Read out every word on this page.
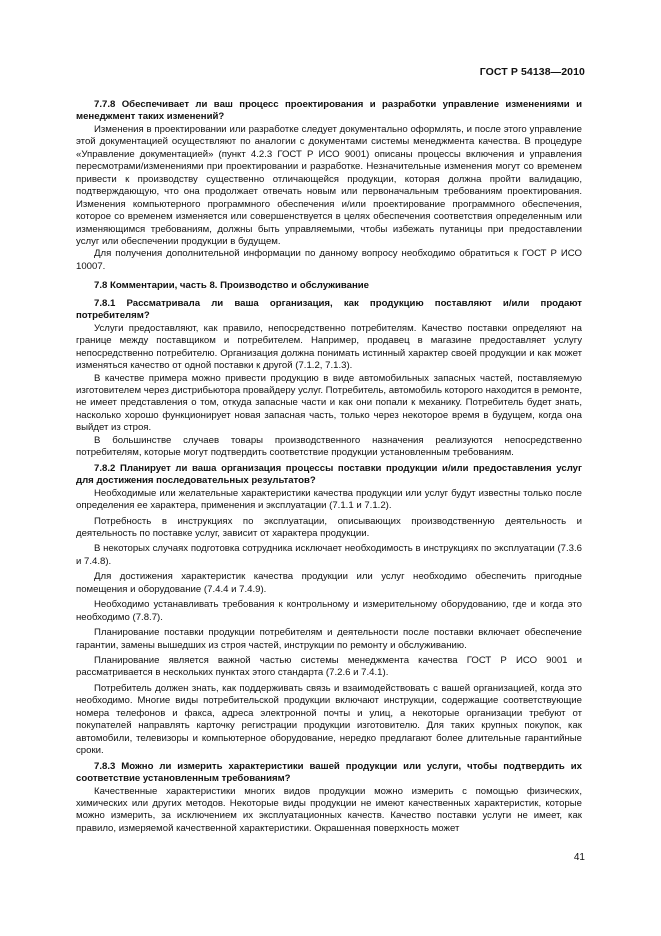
ГОСТ Р 54138—2010

7.7.8 Обеспечивает ли ваш процесс проектирования и разработки управление изменениями и менеджмент таких изменений?

Изменения в проектировании или разработке следует документально оформлять, и после этого управление этой документацией осуществляют по аналогии с документами системы менеджмента качества. В процедуре «Управление документацией» (пункт 4.2.3 ГОСТ Р ИСО 9001) описаны процессы включения и управления пересмотрами/изменениями при проектировании и разработке. Незначительные изменения могут со временем привести к производству существенно отличающейся продукции, которая должна пройти валидацию, подтверждающую, что она продолжает отвечать новым или первоначальным требованиям проектирования. Изменения компьютерного программного обеспечения и/или проектирование программного обеспечения, которое со временем изменяется или совершенствуется в целях обеспечения соответствия определенным или изменяющимся требованиям, должны быть управляемыми, чтобы избежать путаницы при предоставлении услуг или обеспечении продукции в будущем.

Для получения дополнительной информации по данному вопросу необходимо обратиться к ГОСТ Р ИСО 10007.

7.8 Комментарии, часть 8. Производство и обслуживание

7.8.1 Рассматривала ли ваша организация, как продукцию поставляют и/или продают потребителям?

Услуги предоставляют, как правило, непосредственно потребителям. Качество поставки определяют на границе между поставщиком и потребителем. Например, продавец в магазине предоставляет услугу непосредственно потребителю. Организация должна понимать истинный характер своей продукции и как может изменяться качество от одной поставки к другой (7.1.2, 7.1.3).

В качестве примера можно привести продукцию в виде автомобильных запасных частей, поставляемую изготовителем через дистрибьютора провайдеру услуг. Потребитель, автомобиль которого находится в ремонте, не имеет представления о том, откуда запасные части и как они попали к механику. Потребитель будет знать, насколько хорошо функционирует новая запасная часть, только через некоторое время в будущем, когда она выйдет из строя.

В большинстве случаев товары производственного назначения реализуются непосредственно потребителям, которые могут подтвердить соответствие продукции установленным требованиям.

7.8.2 Планирует ли ваша организация процессы поставки продукции и/или предоставления услуг для достижения последовательных результатов?

Необходимые или желательные характеристики качества продукции или услуг будут известны только после определения ее характера, применения и эксплуатации (7.1.1 и 7.1.2).

Потребность в инструкциях по эксплуатации, описывающих производственную деятельность и деятельность по поставке услуг, зависит от характера продукции.

В некоторых случаях подготовка сотрудника исключает необходимость в инструкциях по эксплуатации (7.3.6 и 7.4.8).

Для достижения характеристик качества продукции или услуг необходимо обеспечить пригодные помещения и оборудование (7.4.4 и 7.4.9).

Необходимо устанавливать требования к контрольному и измерительному оборудованию, где и когда это необходимо (7.8.7).

Планирование поставки продукции потребителям и деятельности после поставки включает обеспечение гарантии, замены вышедших из строя частей, инструкции по ремонту и обслуживанию.

Планирование является важной частью системы менеджмента качества ГОСТ Р ИСО 9001 и рассматривается в нескольких пунктах этого стандарта (7.2.6 и 7.4.1).

Потребитель должен знать, как поддерживать связь и взаимодействовать с вашей организацией, когда это необходимо. Многие виды потребительской продукции включают инструкции, содержащие соответствующие номера телефонов и факса, адреса электронной почты и улиц, а некоторые организации требуют от покупателей направлять карточку регистрации продукции изготовителю. Для таких крупных покупок, как автомобили, телевизоры и компьютерное оборудование, нередко предлагают более длительные гарантийные сроки.

7.8.3 Можно ли измерить характеристики вашей продукции или услуги, чтобы подтвердить их соответствие установленным требованиям?

Качественные характеристики многих видов продукции можно измерить с помощью физических, химических или других методов. Некоторые виды продукции не имеют качественных характеристик, которые можно измерить, за исключением их эксплуатационных качеств. Качество поставки услуги не имеет, как правило, измеряемой качественной характеристики. Окрашенная поверхность может

41
